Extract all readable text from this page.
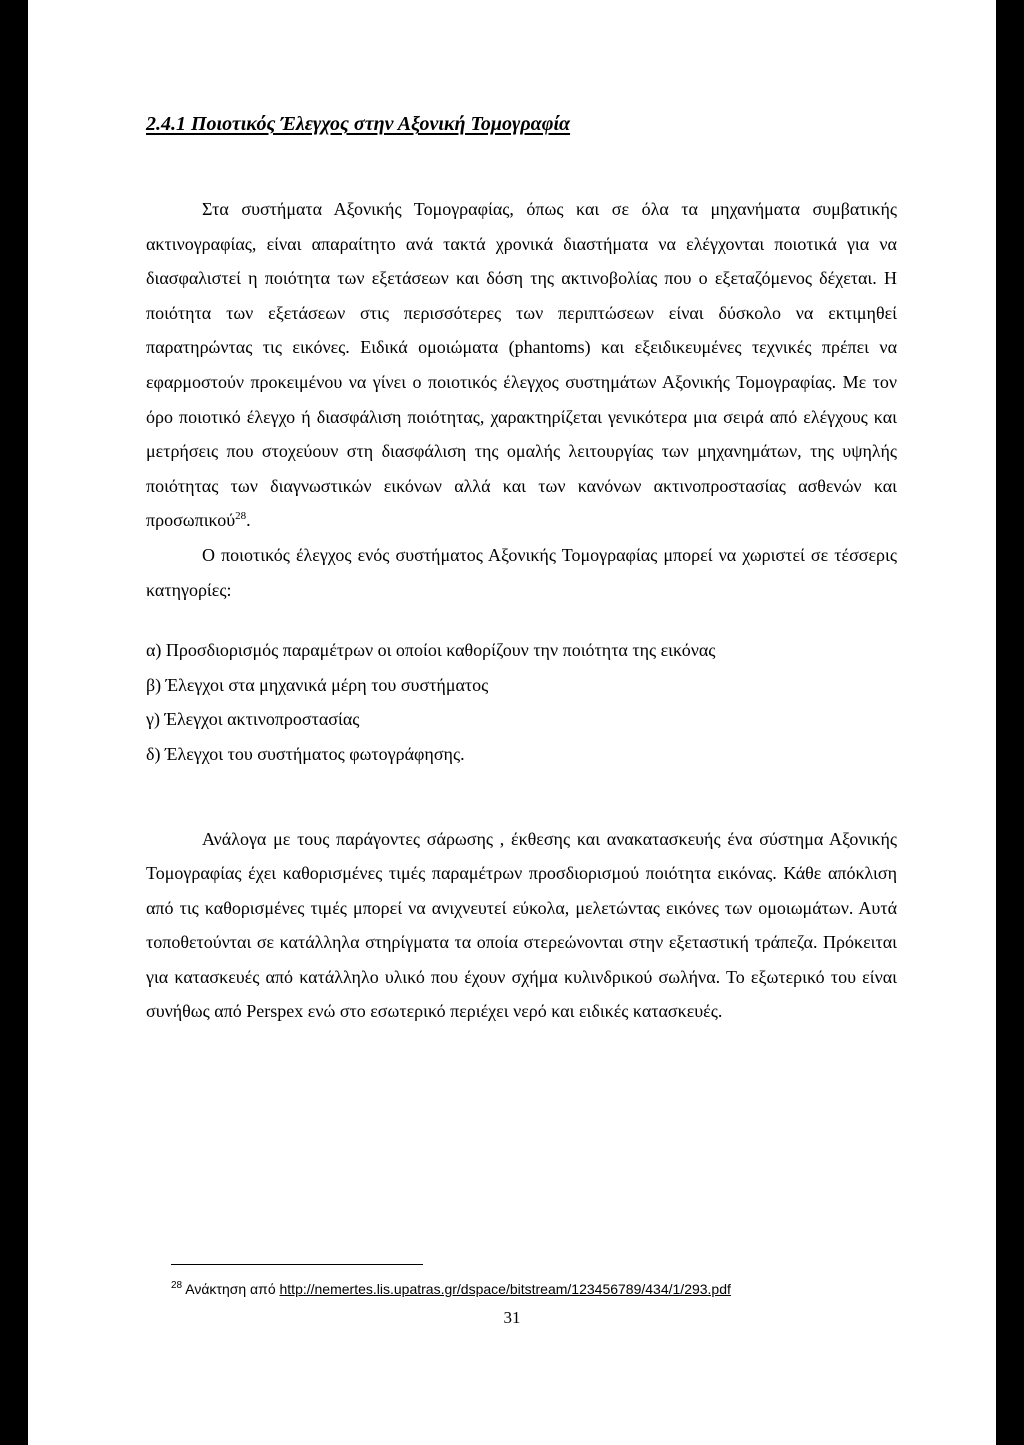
2.4.1 Ποιοτικός Έλεγχος στην Αξονική Τομογραφία

Στα συστήματα Αξονικής Τομογραφίας, όπως και σε όλα τα μηχανήματα συμβατικής ακτινογραφίας, είναι απαραίτητο ανά τακτά χρονικά διαστήματα να ελέγχονται ποιοτικά για να διασφαλιστεί η ποιότητα των εξετάσεων και δόση της ακτινοβολίας που ο εξεταζόμενος δέχεται. Η ποιότητα των εξετάσεων στις περισσότερες των περιπτώσεων είναι δύσκολο να εκτιμηθεί παρατηρώντας τις εικόνες. Ειδικά ομοιώματα (phantoms) και εξειδικευμένες τεχνικές πρέπει να εφαρμοστούν προκειμένου να γίνει ο ποιοτικός έλεγχος συστημάτων Αξονικής Τομογραφίας. Με τον όρο ποιοτικό έλεγχο ή διασφάλιση ποιότητας, χαρακτηρίζεται γενικότερα μια σειρά από ελέγχους και μετρήσεις που στοχεύουν στη διασφάλιση της ομαλής λειτουργίας των μηχανημάτων, της υψηλής ποιότητας των διαγνωστικών εικόνων αλλά και των κανόνων ακτινοπροστασίας ασθενών και προσωπικού$^{28}$.

Ο ποιοτικός έλεγχος ενός συστήματος Αξονικής Τομογραφίας μπορεί να χωριστεί σε τέσσερις κατηγορίες:

α) Προσδιορισμός παραμέτρων οι οποίοι καθορίζουν την ποιότητα της εικόνας
β) Έλεγχοι στα μηχανικά μέρη του συστήματος
γ) Έλεγχοι ακτινοπροστασίας
δ) Έλεγχοι του συστήματος φωτογράφησης.

Ανάλογα με τους παράγοντες σάρωσης , έκθεσης και ανακατασκευής ένα σύστημα Αξονικής Τομογραφίας έχει καθορισμένες τιμές παραμέτρων προσδιορισμού ποιότητα εικόνας. Κάθε απόκλιση από τις καθορισμένες τιμές μπορεί να ανιχνευτεί εύκολα, μελετώντας εικόνες των ομοιωμάτων. Αυτά τοποθετούνται σε κατάλληλα στηρίγματα τα οποία στερεώνονται στην εξεταστική τράπεζα. Πρόκειται για κατασκευές από κατάλληλο υλικό που έχουν σχήμα κυλινδρικού σωλήνα. Το εξωτερικό του είναι συνήθως από Perspex ενώ στο εσωτερικό περιέχει νερό και ειδικές κατασκευές.

$^{28}$ Ανάκτηση από http://nemertes.lis.upatras.gr/dspace/bitstream/123456789/434/1/293.pdf
31
